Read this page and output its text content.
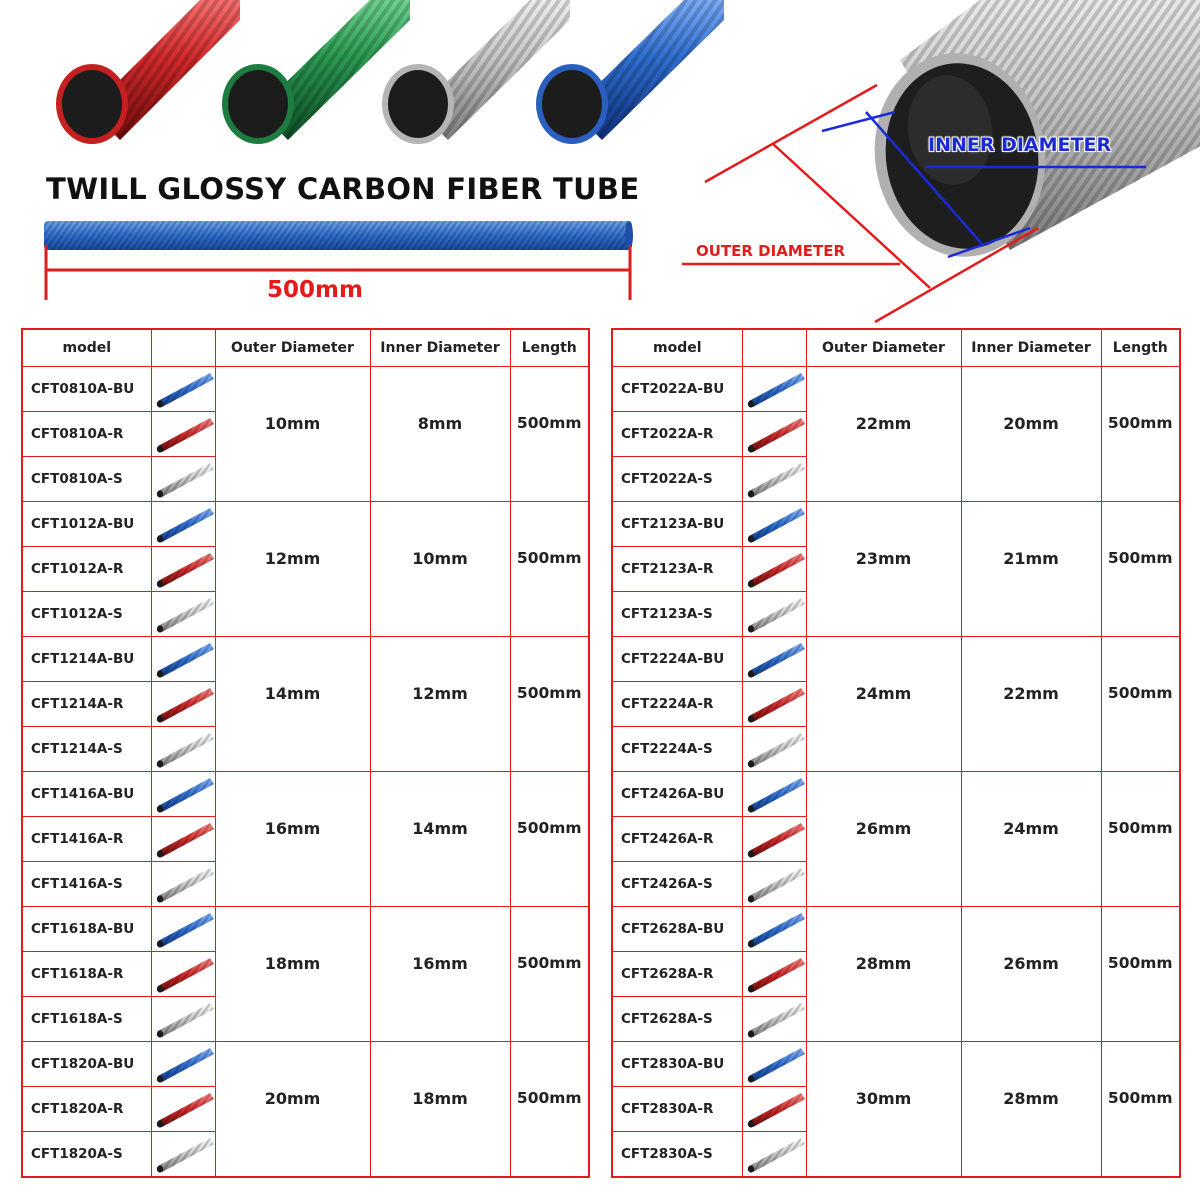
TWILL GLOSSY CARBON FIBER TUBE
500mm
INNER DIAMETER
OUTER DIAMETER
model		Outer Diameter	Inner Diameter	Length
CFT0810A-BU		10mm	8mm	500mm
CFT0810A-R	

CFT0810A-S	

CFT1012A-BU		12mm	10mm	500mm
CFT1012A-R	

CFT1012A-S	

CFT1214A-BU		14mm	12mm	500mm
CFT1214A-R	

CFT1214A-S	

CFT1416A-BU		16mm	14mm	500mm
CFT1416A-R	

CFT1416A-S	

CFT1618A-BU		18mm	16mm	500mm
CFT1618A-R	

CFT1618A-S	

CFT1820A-BU		20mm	18mm	500mm
CFT1820A-R	

CFT1820A-S	
model		Outer Diameter	Inner Diameter	Length
CFT2022A-BU		22mm	20mm	500mm
CFT2022A-R	

CFT2022A-S	

CFT2123A-BU		23mm	21mm	500mm
CFT2123A-R	

CFT2123A-S	

CFT2224A-BU		24mm	22mm	500mm
CFT2224A-R	

CFT2224A-S	

CFT2426A-BU		26mm	24mm	500mm
CFT2426A-R	

CFT2426A-S	

CFT2628A-BU		28mm	26mm	500mm
CFT2628A-R	

CFT2628A-S	

CFT2830A-BU		30mm	28mm	500mm
CFT2830A-R	

CFT2830A-S	
